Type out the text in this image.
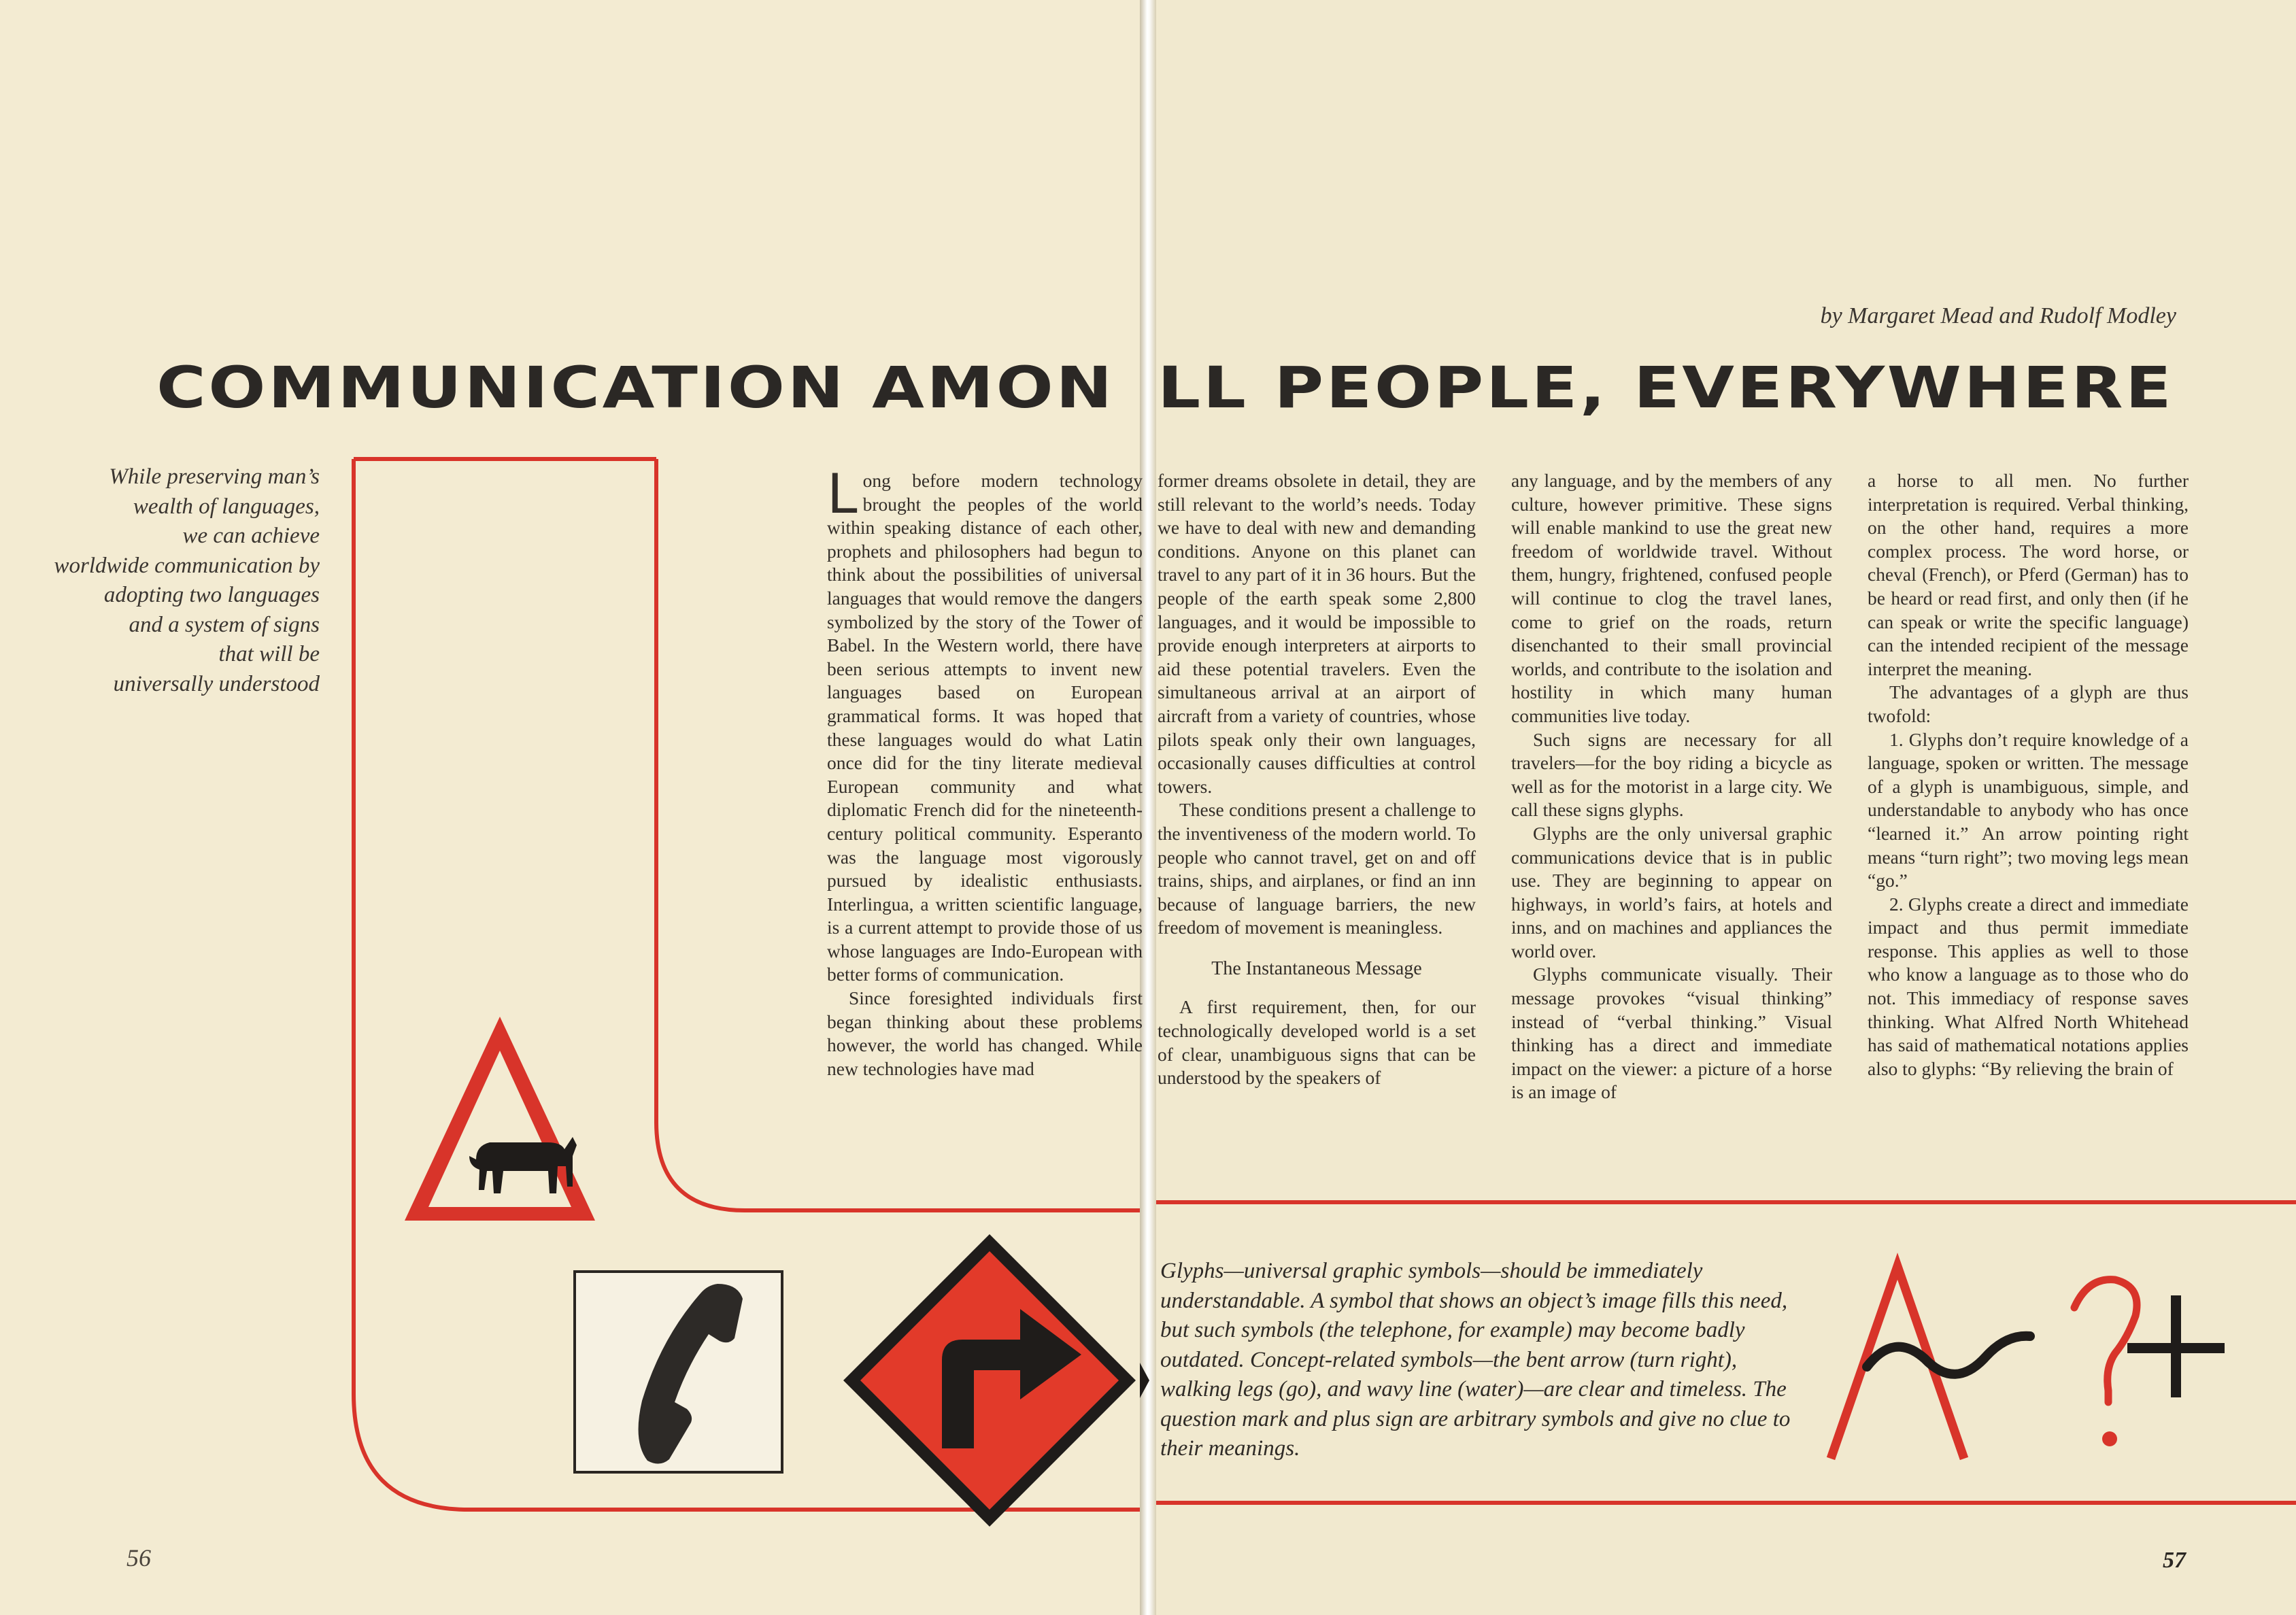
by Margaret Mead and Rudolf Modley
COMMUNICATION AMON LL PEOPLE, EVERYWHERE
While preserving man’s
wealth of languages,
we can achieve
worldwide communication by
adopting two languages
and a system of signs
that will be
universally understood

Long before modern technology brought the peoples of the world within speaking distance of each other, prophets and philosophers had begun to think about the possibilities of universal languages that would remove the dangers symbolized by the story of the Tower of Babel. In the Western world, there have been serious attempts to invent new languages based on European grammatical forms. It was hoped that these languages would do what Latin once did for the tiny literate medieval European community and what diplomatic French did for the nineteenth-century political community. Esperanto was the language most vigorously pursued by idealistic enthusiasts. Interlingua, a written scientific language, is a current attempt to provide those of us whose languages are Indo-European with better forms of communication.

Since foresighted individuals first began thinking about these problems however, the world has changed. While new technologies have mad

former dreams obsolete in detail, they are still relevant to the world’s needs. Today we have to deal with new and demanding conditions. Anyone on this planet can travel to any part of it in 36 hours. But the people of the earth speak some 2,800 languages, and it would be impossible to provide enough interpreters at airports to aid these potential travelers. Even the simultaneous arrival at an airport of aircraft from a variety of countries, whose pilots speak only their own languages, occasionally causes difficulties at control towers.

These conditions present a challenge to the inventiveness of the modern world. To people who cannot travel, get on and off trains, ships, and airplanes, or find an inn because of language barriers, the new freedom of movement is meaningless.

The Instantaneous Message

A first requirement, then, for our technologically developed world is a set of clear, unambiguous signs that can be understood by the speakers of

any language, and by the members of any culture, however primitive. These signs will enable mankind to use the great new freedom of worldwide travel. Without them, hungry, frightened, confused people will continue to clog the travel lanes, come to grief on the roads, return disenchanted to their small provincial worlds, and contribute to the isolation and hostility in which many human communities live today.

Such signs are necessary for all travelers—for the boy riding a bicycle as well as for the motorist in a large city. We call these signs glyphs.

Glyphs are the only universal graphic communications device that is in public use. They are beginning to appear on highways, in world’s fairs, at hotels and inns, and on machines and appliances the world over.

Glyphs communicate visually. Their message provokes “visual thinking” instead of “verbal thinking.” Visual thinking has a direct and immediate impact on the viewer: a picture of a horse is an image of

a horse to all men. No further interpretation is required. Verbal thinking, on the other hand, requires a more complex process. The word horse, or cheval (French), or Pferd (German) has to be heard or read first, and only then (if he can speak or write the specific language) can the intended recipient of the message interpret the meaning.

The advantages of a glyph are thus twofold:

1. Glyphs don’t require knowledge of a language, spoken or written. The message of a glyph is unambiguous, simple, and understandable to anybody who has once “learned it.” An arrow pointing right means “turn right”; two moving legs mean “go.”

2. Glyphs create a direct and immediate impact and thus permit immediate response. This applies as well to those who know a language as to those who do not. This immediacy of response saves thinking. What Alfred North Whitehead has said of mathematical notations applies also to glyphs: “By relieving the brain of

Glyphs—universal graphic symbols—should be immediately understandable. A symbol that shows an object’s image fills this need, but such symbols (the telephone, for example) may become badly outdated. Concept-related symbols—the bent arrow (turn right), walking legs (go), and wavy line (water)—are clear and timeless. The question mark and plus sign are arbitrary symbols and give no clue to their meanings.
56	57
